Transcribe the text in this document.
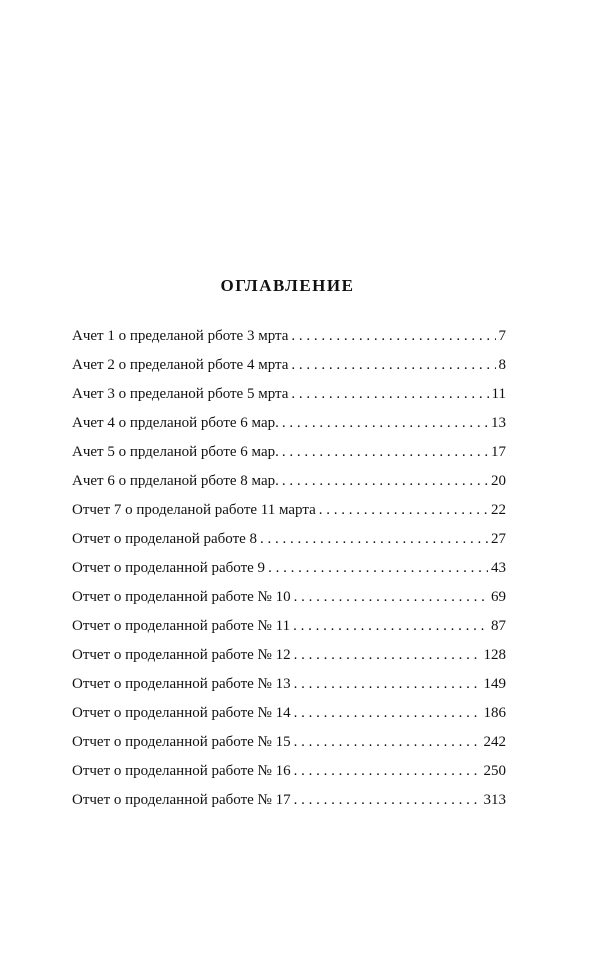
ОГЛАВЛЕНИЕ
Ачет 1 о пределаной рботе 3 мрта . . .	7
Ачет 2 о пределаной рботе 4 мрта . . .	8
Ачет 3 о пределаной рботе 5 мрта . . .	11
Ачет 4 о прделаной рботе 6 мар. . . .	13
Ачет 5 о прделаной рботе 6 мар. . . .	17
Ачет 6 о прделаной рботе 8 мар. . . .	20
Отчет 7 о проделаной работе 11 марта . . .	22
Отчет о проделаной работе 8 . . .	27
Отчет о проделанной работе 9 . . .	43
Отчет о проделанной работе № 10 . . .	69
Отчет о проделанной работе № 11 . . .	87
Отчет о проделанной работе № 12 . . .	128
Отчет о проделанной работе № 13 . . .	149
Отчет о проделанной работе № 14 . . .	186
Отчет о проделанной работе № 15 . . .	242
Отчет о проделанной работе № 16 . . .	250
Отчет о проделанной работе № 17 . . .	313
